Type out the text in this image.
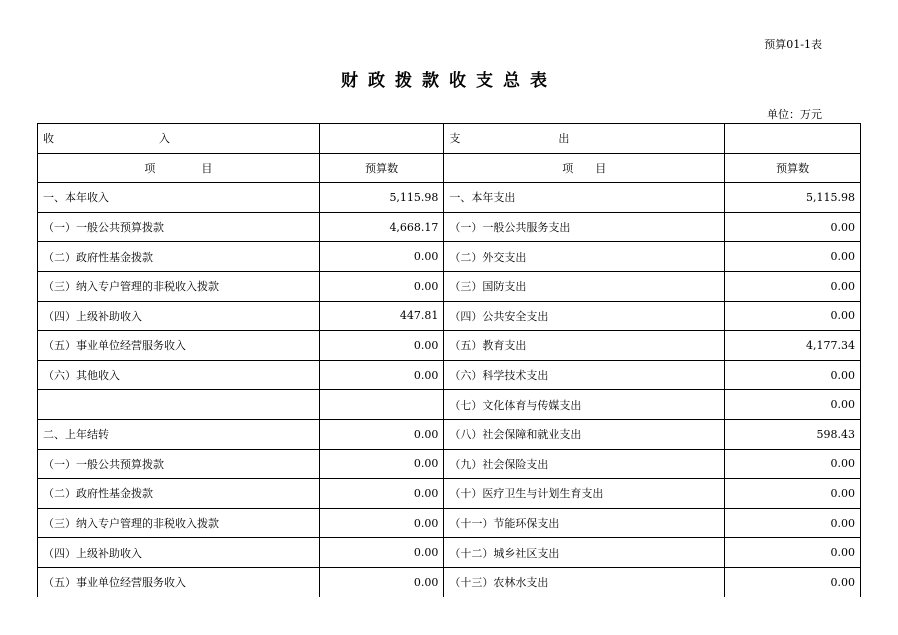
预算01-1表
财政拨款收支总表
单位：万元
收 入		支 出	
项 目	预算数	项 目	预算数
一、本年收入	5,115.98	一、本年支出	5,115.98
（一）一般公共预算拨款	4,668.17	（一）一般公共服务支出	0.00
（二）政府性基金拨款	0.00	（二）外交支出	0.00
（三）纳入专户管理的非税收入拨款	0.00	（三）国防支出	0.00
（四）上级补助收入	447.81	（四）公共安全支出	0.00
（五）事业单位经营服务收入	0.00	（五）教育支出	4,177.34
（六）其他收入	0.00	（六）科学技术支出	0.00
		（七）文化体育与传媒支出	0.00
二、上年结转	0.00	（八）社会保障和就业支出	598.43
（一）一般公共预算拨款	0.00	（九）社会保险支出	0.00
（二）政府性基金拨款	0.00	（十）医疗卫生与计划生育支出	0.00
（三）纳入专户管理的非税收入拨款	0.00	（十一）节能环保支出	0.00
（四）上级补助收入	0.00	（十二）城乡社区支出	0.00
（五）事业单位经营服务收入	0.00	（十三）农林水支出	0.00
